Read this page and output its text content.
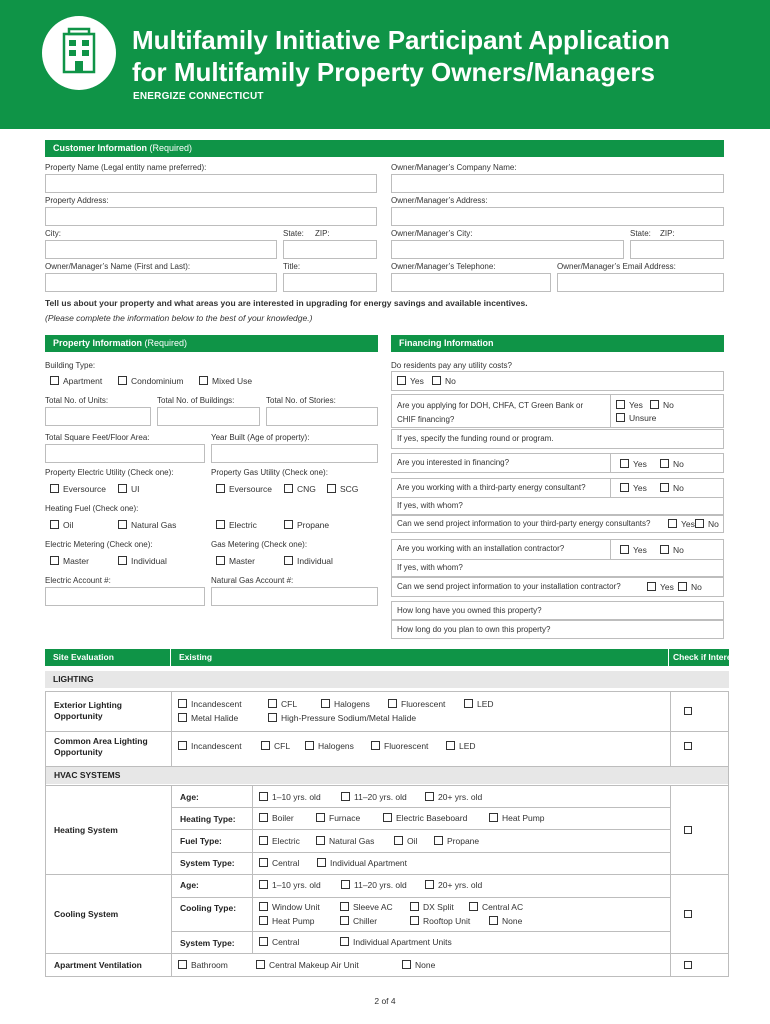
Multifamily Initiative Participant Application
for Multifamily Property Owners/Managers
ENERGIZE CONNECTICUT
Customer Information (Required)
Property Name (Legal entity name preferred):	Owner/Manager’s Company Name:
Property Address:	Owner/Manager’s Address:
City:	State: ZIP:	Owner/Manager’s City:	State: ZIP:
Owner/Manager’s Name (First and Last):	Title:	Owner/Manager’s Telephone:	Owner/Manager’s Email Address:
Tell us about your property and what areas you are interested in upgrading for energy savings and available incentives.
(Please complete the information below to the best of your knowledge.)
Property Information (Required)
Building Type:
Apartment	Condominium	Mixed Use
Total No. of Units:	Total No. of Buildings:	Total No. of Stories:
Total Square Feet/Floor Area:	Year Built (Age of property):
Property Electric Utility (Check one):	Property Gas Utility (Check one):
Eversource	UI	Eversource	CNG	SCG
Heating Fuel (Check one):
Oil	Natural Gas	Electric	Propane
Electric Metering (Check one):	Gas Metering (Check one):
Master	Individual	Master	Individual
Electric Account #:	Natural Gas Account #:
Financing Information
Do residents pay any utility costs?
Yes	No
Are you applying for DOH, CHFA, CT Green Bank or
CHIF financing?
Yes	No
Unsure
If yes, specify the funding round or program.
Are you interested in financing?	Yes	No
Are you working with a third-party energy consultant?	Yes	No
If yes, with whom?
Can we send project information to your third-party energy consultants?	Yes	No
Are you working with an installation contractor?	Yes	No
If yes, with whom?
Can we send project information to your installation contractor?	Yes	No
How long have you owned this property?
How long do you plan to own this property?
Site Evaluation	Existing	Check if Interested
LIGHTING
Exterior Lighting Opportunity
Incandescent	CFL	Halogens	Fluorescent	LED
Metal Halide	High-Pressure Sodium/Metal Halide
Common Area Lighting Opportunity
Incandescent	CFL	Halogens	Fluorescent	LED
HVAC SYSTEMS
Heating System
Age:	1–10 yrs. old	11–20 yrs. old	20+ yrs. old
Heating Type:	Boiler	Furnace	Electric Baseboard	Heat Pump
Fuel Type:	Electric	Natural Gas	Oil	Propane
System Type:	Central	Individual Apartment
Cooling System
Age:	1–10 yrs. old	11–20 yrs. old	20+ yrs. old
Cooling Type:	Window Unit	Sleeve AC	DX Split	Central AC
Heat Pump	Chiller	Rooftop Unit	None
System Type:	Central	Individual Apartment Units
Apartment Ventilation	Bathroom	Central Makeup Air Unit	None
2 of 4
